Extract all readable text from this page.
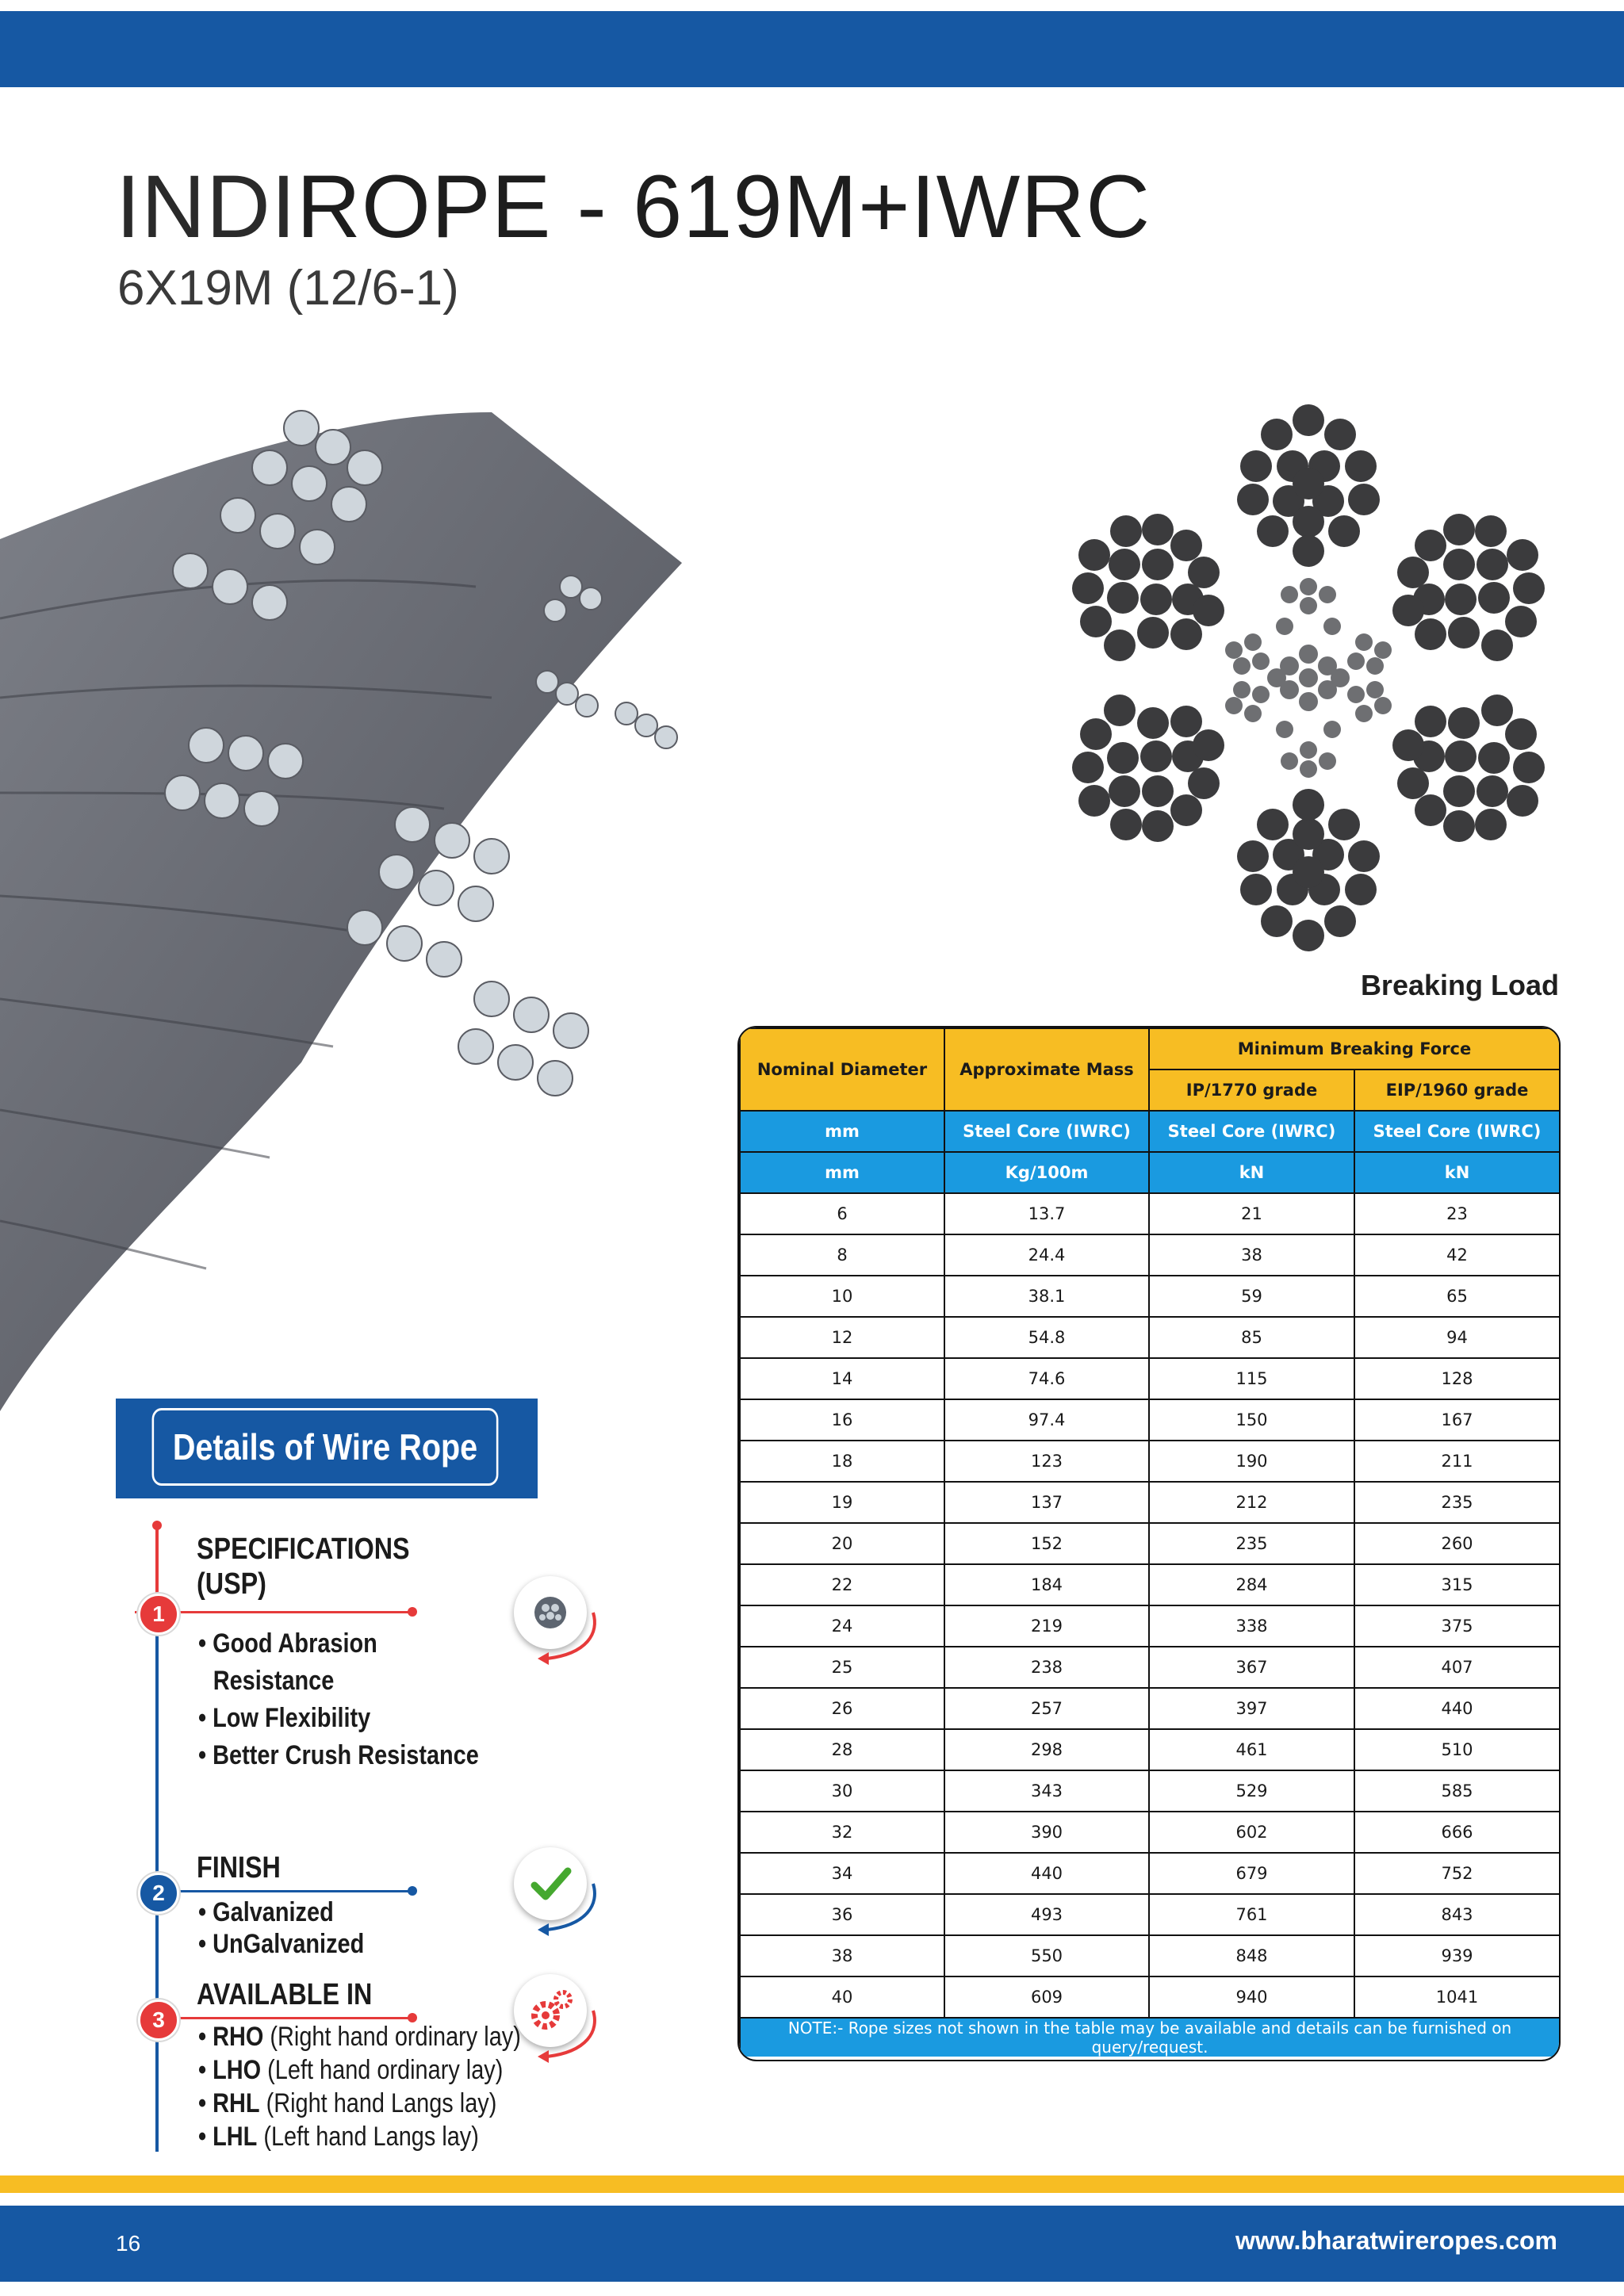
INDIROPE - 619M+IWRC
6X19M (12/6-1)
Breaking Load
Nominal Diameter	Approximate Mass	Minimum Breaking Force	
		IP/1770 grade	EIP/1960 grade
mm	Steel Core (IWRC)	Steel Core (IWRC)	Steel Core (IWRC)
mm	Kg/100m	kN	kN
6	13.7	21	23
8	24.4	38	42
10	38.1	59	65
12	54.8	85	94
14	74.6	115	128
16	97.4	150	167
18	123	190	211
19	137	212	235
20	152	235	260
22	184	284	315
24	219	338	375
25	238	367	407
26	257	397	440
28	298	461	510
30	343	529	585
32	390	602	666
34	440	679	752
36	493	761	843
38	550	848	939
40	609	940	1041
NOTE:- Rope sizes not shown in the table may be available and details can be furnished on query/request.			
Details of Wire Rope
1
SPECIFICATIONS
(USP)
• Good Abrasion
Resistance
• Low Flexibility
• Better Crush Resistance
2
FINISH
• Galvanized
• UnGalvanized
3
AVAILABLE IN
• RHO (Right hand ordinary lay)
• LHO (Left hand ordinary lay)
• RHL (Right hand Langs lay)
• LHL (Left hand Langs lay)
16	www.bharatwireropes.com
